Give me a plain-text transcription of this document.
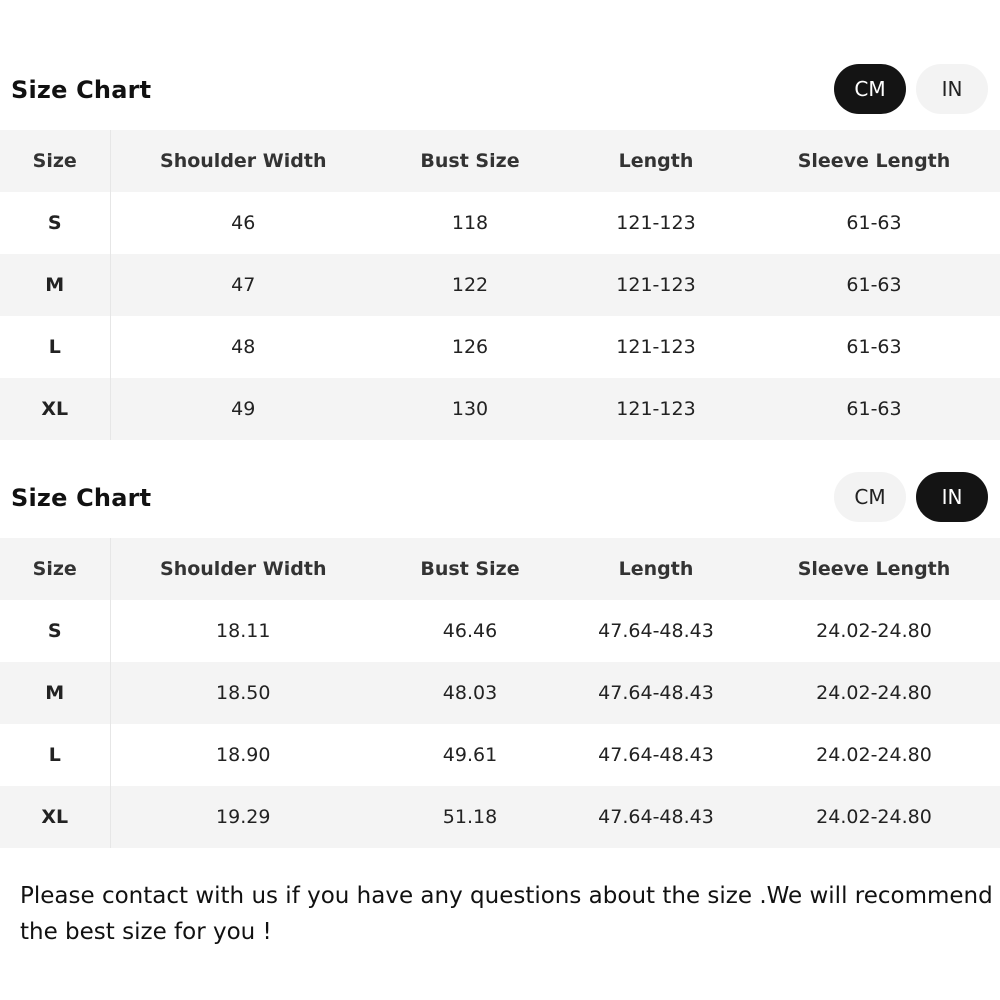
Size Chart	CM	IN
Size	Shoulder Width	Bust Size	Length	Sleeve Length
S	46	118	121-123	61-63
M	47	122	121-123	61-63
L	48	126	121-123	61-63
XL	49	130	121-123	61-63
Size Chart	CM	IN
Size	Shoulder Width	Bust Size	Length	Sleeve Length
S	18.11	46.46	47.64-48.43	24.02-24.80
M	18.50	48.03	47.64-48.43	24.02-24.80
L	18.90	49.61	47.64-48.43	24.02-24.80
XL	19.29	51.18	47.64-48.43	24.02-24.80
Please contact with us if you have any questions about the size .We will recommend the best size for you !
